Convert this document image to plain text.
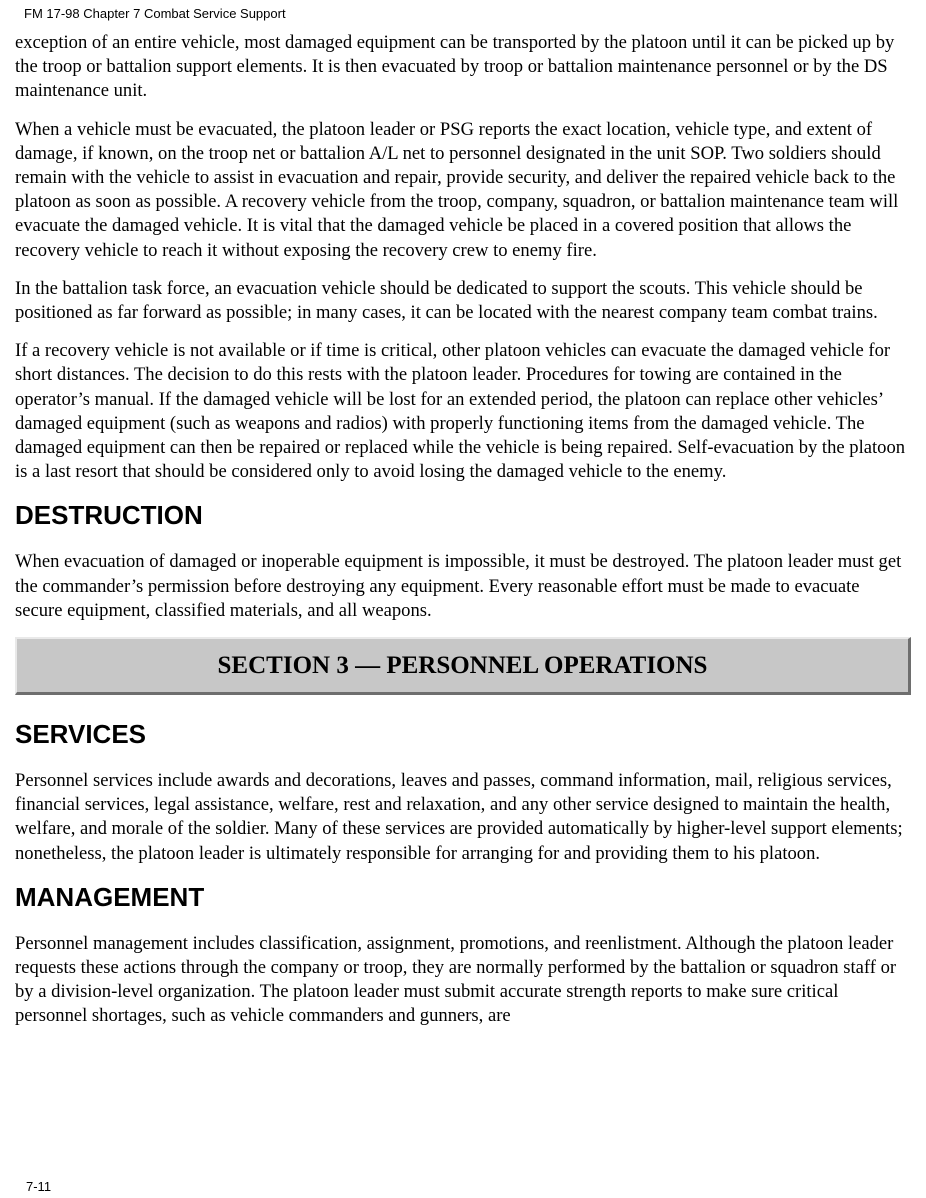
FM 17-98 Chapter 7 Combat Service Support

exception of an entire vehicle, most damaged equipment can be transported by the platoon until it can be picked up by the troop or battalion support elements. It is then evacuated by troop or battalion maintenance personnel or by the DS maintenance unit.

When a vehicle must be evacuated, the platoon leader or PSG reports the exact location, vehicle type, and extent of damage, if known, on the troop net or battalion A/L net to personnel designated in the unit SOP. Two soldiers should remain with the vehicle to assist in evacuation and repair, provide security, and deliver the repaired vehicle back to the platoon as soon as possible. A recovery vehicle from the troop, company, squadron, or battalion maintenance team will evacuate the damaged vehicle. It is vital that the damaged vehicle be placed in a covered position that allows the recovery vehicle to reach it without exposing the recovery crew to enemy fire.

In the battalion task force, an evacuation vehicle should be dedicated to support the scouts. This vehicle should be positioned as far forward as possible; in many cases, it can be located with the nearest company team combat trains.

If a recovery vehicle is not available or if time is critical, other platoon vehicles can evacuate the damaged vehicle for short distances. The decision to do this rests with the platoon leader. Procedures for towing are contained in the operator’s manual. If the damaged vehicle will be lost for an extended period, the platoon can replace other vehicles’ damaged equipment (such as weapons and radios) with properly functioning items from the damaged vehicle. The damaged equipment can then be repaired or replaced while the vehicle is being repaired. Self-evacuation by the platoon is a last resort that should be considered only to avoid losing the damaged vehicle to the enemy.

DESTRUCTION

When evacuation of damaged or inoperable equipment is impossible, it must be destroyed. The platoon leader must get the commander’s permission before destroying any equipment. Every reasonable effort must be made to evacuate secure equipment, classified materials, and all weapons.

SECTION 3 — PERSONNEL OPERATIONS
SERVICES

Personnel services include awards and decorations, leaves and passes, command information, mail, religious services, financial services, legal assistance, welfare, rest and relaxation, and any other service designed to maintain the health, welfare, and morale of the soldier. Many of these services are provided automatically by higher-level support elements; nonetheless, the platoon leader is ultimately responsible for arranging for and providing them to his platoon.

MANAGEMENT

Personnel management includes classification, assignment, promotions, and reenlistment. Although the platoon leader requests these actions through the company or troop, they are normally performed by the battalion or squadron staff or by a division-level organization. The platoon leader must submit accurate strength reports to make sure critical personnel shortages, such as vehicle commanders and gunners, are

7-11
